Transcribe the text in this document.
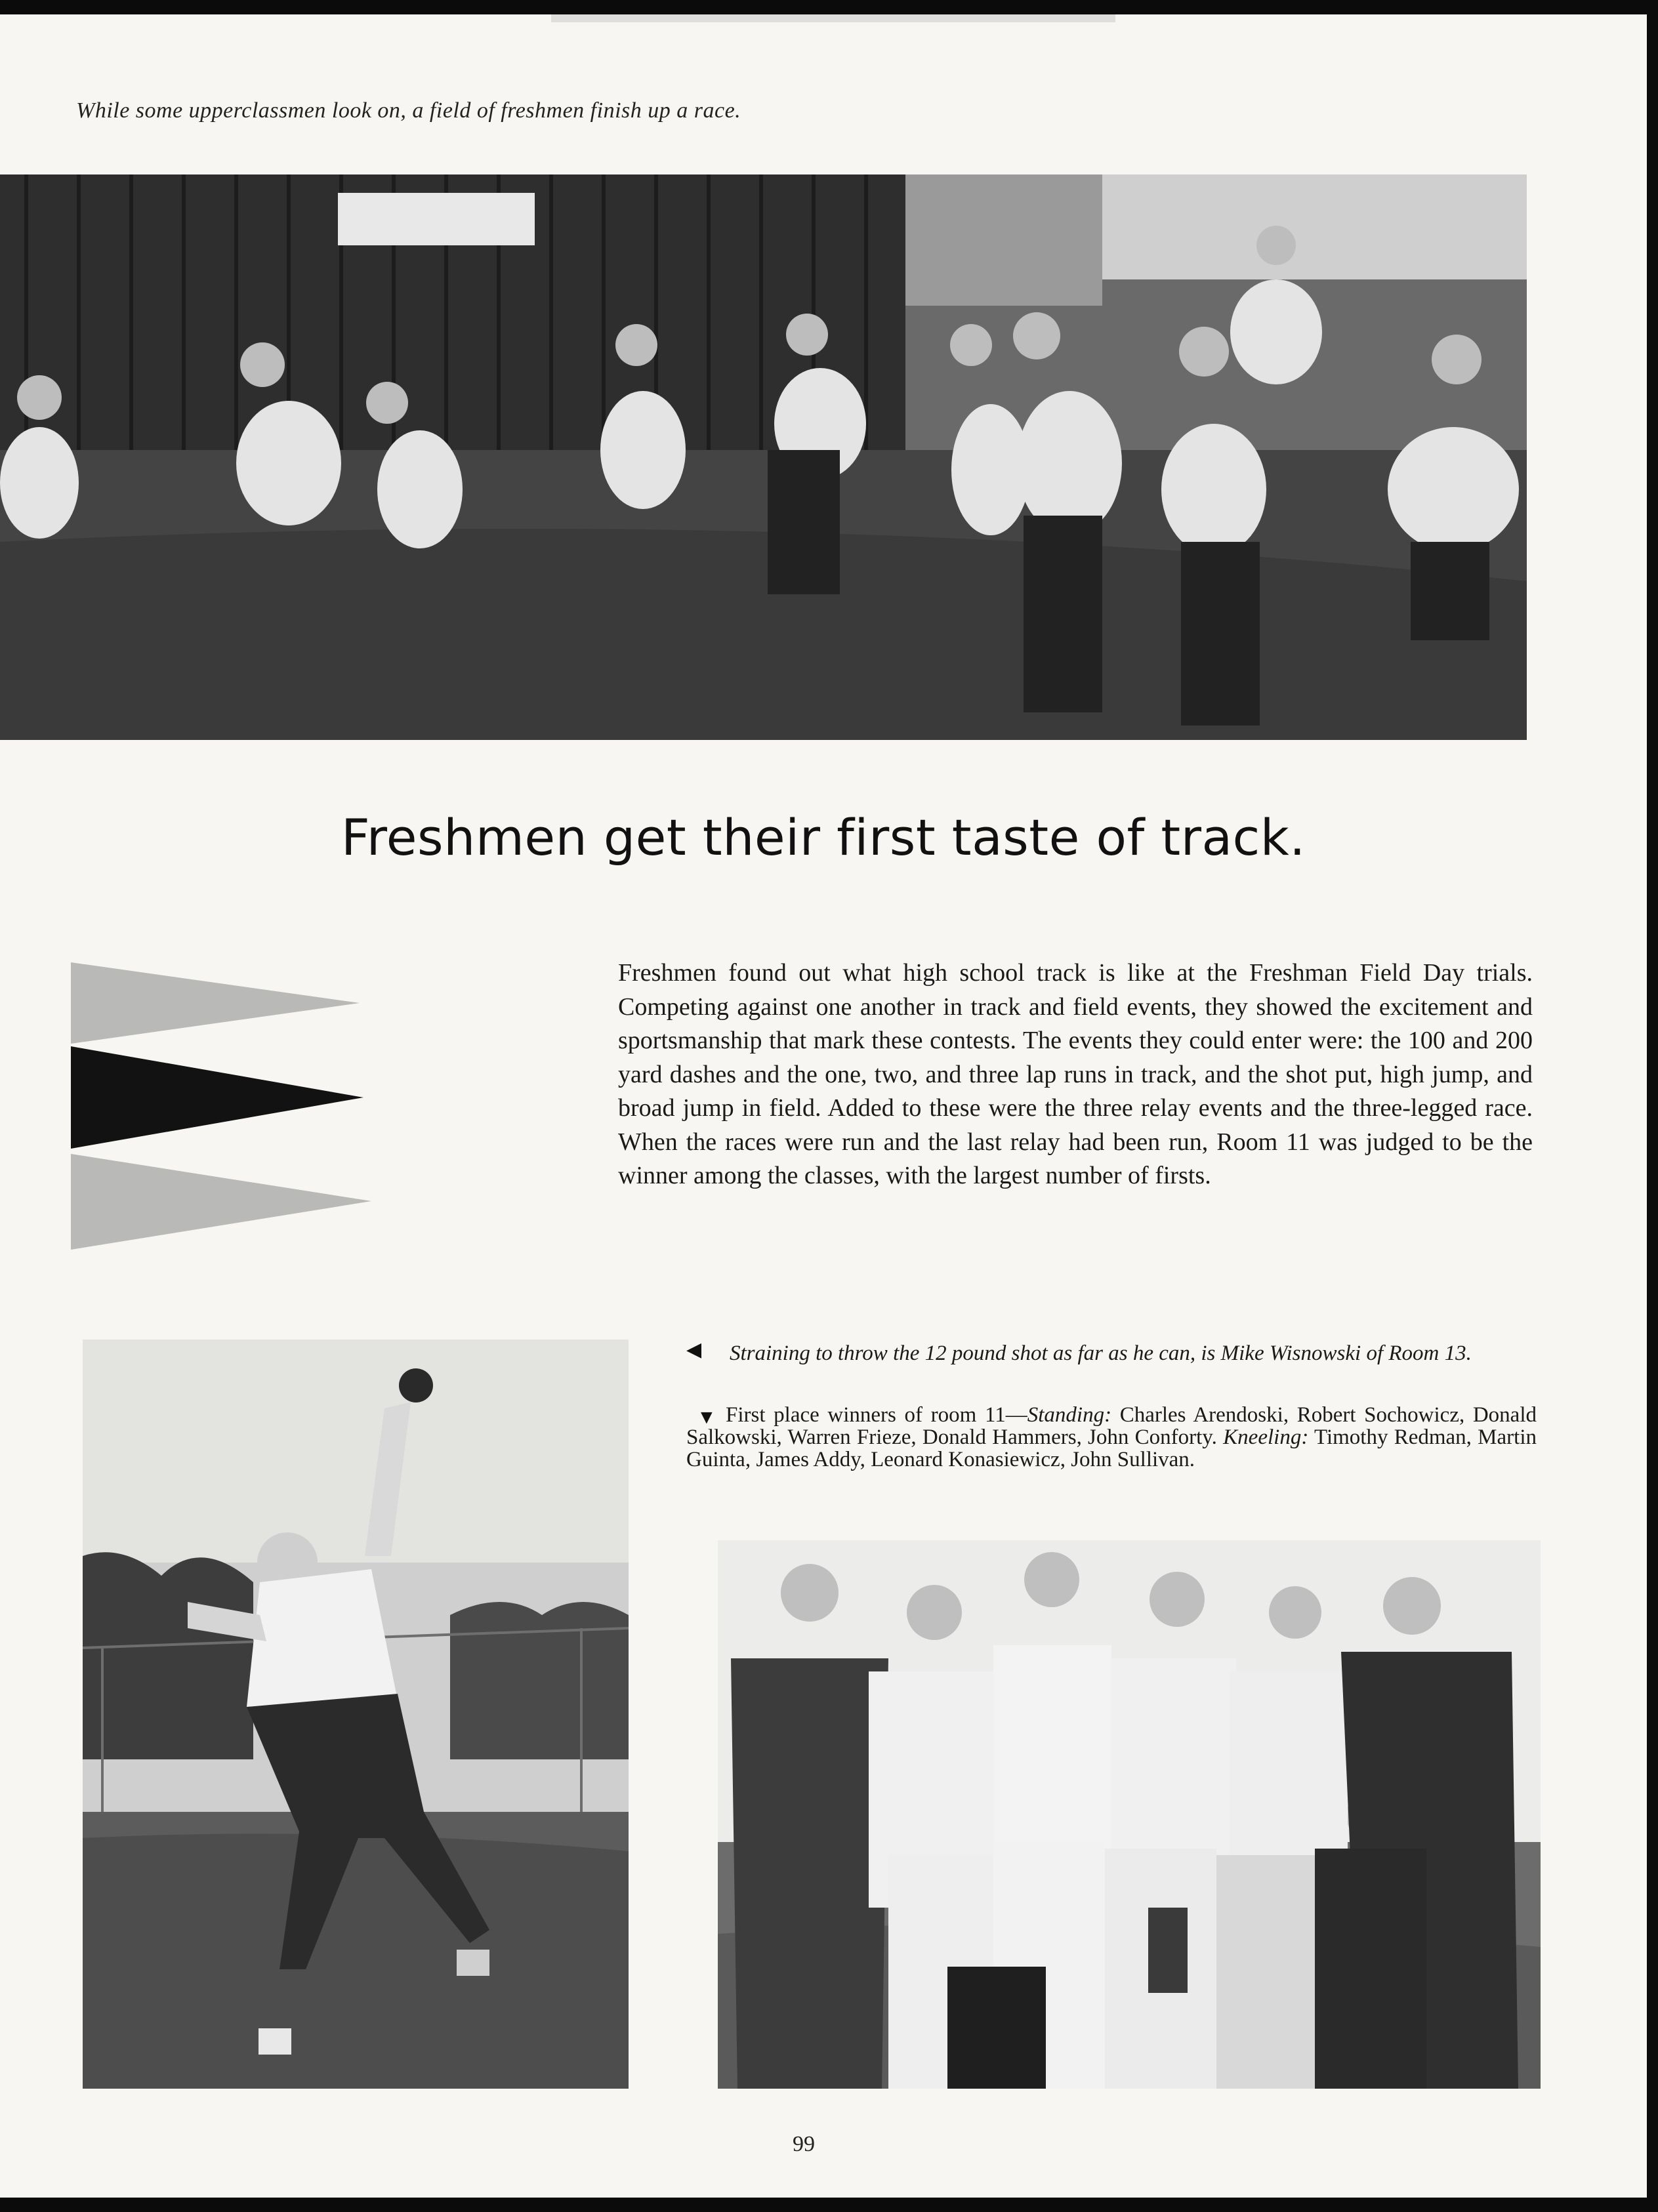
While some upperclassmen look on, a field of freshmen finish up a race.
Freshmen get their first taste of track.
Freshmen found out what high school track is like at the Freshman Field Day trials. Competing against one another in track and field events, they showed the excitement and sportsmanship that mark these contests. The events they could enter were: the 100 and 200 yard dashes and the one, two, and three lap runs in track, and the shot put, high jump, and broad jump in field. Added to these were the three relay events and the three-legged race. When the races were run and the last relay had been run, Room 11 was judged to be the winner among the classes, with the largest number of firsts.
◀	Straining to throw the 12 pound shot as far as he can, is Mike Wisnowski of Room 13.
▼ First place winners of room 11—Standing: Charles Arendoski, Robert Sochowicz, Donald Salkowski, Warren Frieze, Donald Hammers, John Conforty. Kneeling: Timothy Redman, Martin Guinta, James Addy, Leonard Konasiewicz, John Sullivan.
99
